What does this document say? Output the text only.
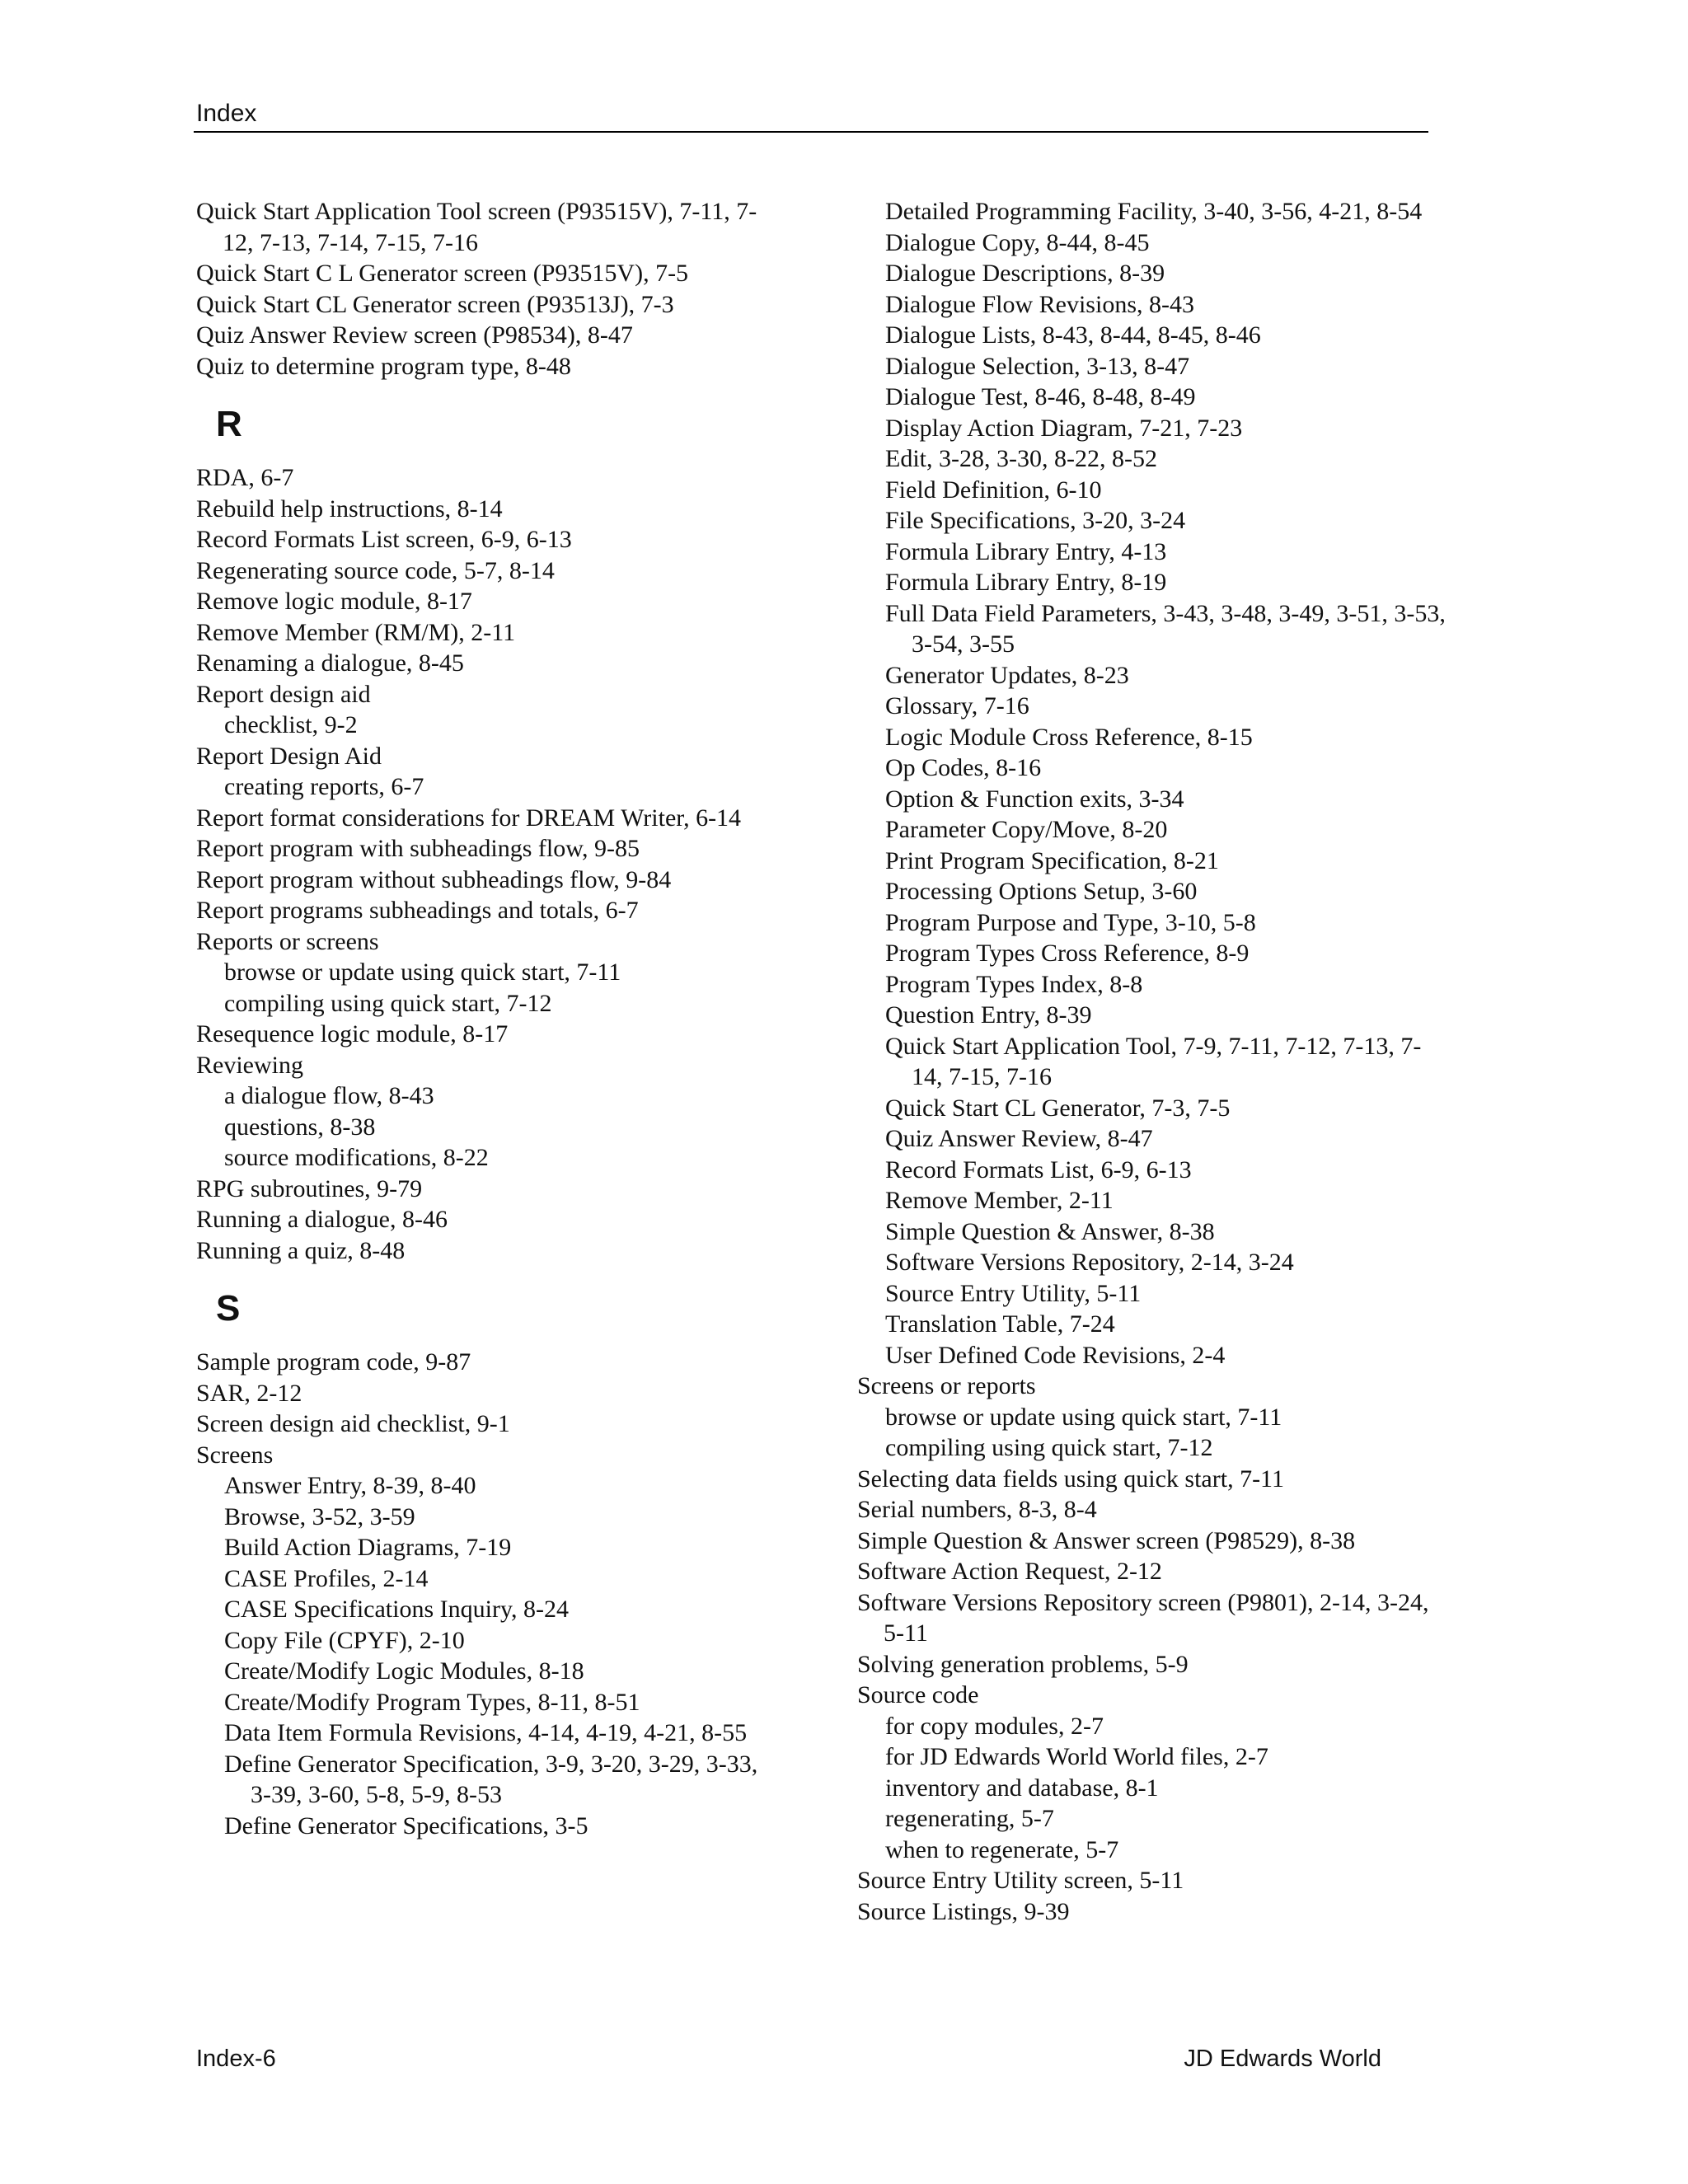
Index

Quick Start Application Tool screen (P93515V), 7-11, 7-12, 7-13, 7-14, 7-15, 7-16

Quick Start C L Generator screen (P93515V), 7-5

Quick Start CL Generator screen (P93513J), 7-3

Quiz Answer Review screen (P98534), 8-47

Quiz to determine program type, 8-48

R

RDA, 6-7

Rebuild help instructions, 8-14

Record Formats List screen, 6-9, 6-13

Regenerating source code, 5-7, 8-14

Remove logic module, 8-17

Remove Member (RM/M), 2-11

Renaming a dialogue, 8-45

Report design aid

checklist, 9-2

Report Design Aid

creating reports, 6-7

Report format considerations for DREAM Writer, 6-14

Report program with subheadings flow, 9-85

Report program without subheadings flow, 9-84

Report programs subheadings and totals, 6-7

Reports or screens

browse or update using quick start, 7-11

compiling using quick start, 7-12

Resequence logic module, 8-17

Reviewing

a dialogue flow, 8-43

questions, 8-38

source modifications, 8-22

RPG subroutines, 9-79

Running a dialogue, 8-46

Running a quiz, 8-48

S

Sample program code, 9-87

SAR, 2-12

Screen design aid checklist, 9-1

Screens

Answer Entry, 8-39, 8-40

Browse, 3-52, 3-59

Build Action Diagrams, 7-19

CASE Profiles, 2-14

CASE Specifications Inquiry, 8-24

Copy File (CPYF), 2-10

Create/Modify Logic Modules, 8-18

Create/Modify Program Types, 8-11, 8-51

Data Item Formula Revisions, 4-14, 4-19, 4-21, 8-55

Define Generator Specification, 3-9, 3-20, 3-29, 3-33, 3-39, 3-60, 5-8, 5-9, 8-53

Define Generator Specifications, 3-5

Detailed Programming Facility, 3-40, 3-56, 4-21, 8-54

Dialogue Copy, 8-44, 8-45

Dialogue Descriptions, 8-39

Dialogue Flow Revisions, 8-43

Dialogue Lists, 8-43, 8-44, 8-45, 8-46

Dialogue Selection, 3-13, 8-47

Dialogue Test, 8-46, 8-48, 8-49

Display Action Diagram, 7-21, 7-23

Edit, 3-28, 3-30, 8-22, 8-52

Field Definition, 6-10

File Specifications, 3-20, 3-24

Formula Library Entry, 4-13

Formula Library Entry, 8-19

Full Data Field Parameters, 3-43, 3-48, 3-49, 3-51, 3-53, 3-54, 3-55

Generator Updates, 8-23

Glossary, 7-16

Logic Module Cross Reference, 8-15

Op Codes, 8-16

Option & Function exits, 3-34

Parameter Copy/Move, 8-20

Print Program Specification, 8-21

Processing Options Setup, 3-60

Program Purpose and Type, 3-10, 5-8

Program Types Cross Reference, 8-9

Program Types Index, 8-8

Question Entry, 8-39

Quick Start Application Tool, 7-9, 7-11, 7-12, 7-13, 7-14, 7-15, 7-16

Quick Start CL Generator, 7-3, 7-5

Quiz Answer Review, 8-47

Record Formats List, 6-9, 6-13

Remove Member, 2-11

Simple Question & Answer, 8-38

Software Versions Repository, 2-14, 3-24

Source Entry Utility, 5-11

Translation Table, 7-24

User Defined Code Revisions, 2-4

Screens or reports

browse or update using quick start, 7-11

compiling using quick start, 7-12

Selecting data fields using quick start, 7-11

Serial numbers, 8-3, 8-4

Simple Question & Answer screen (P98529), 8-38

Software Action Request, 2-12

Software Versions Repository screen (P9801), 2-14, 3-24, 5-11

Solving generation problems, 5-9

Source code

for copy modules, 2-7

for JD Edwards World World files, 2-7

inventory and database, 8-1

regenerating, 5-7

when to regenerate, 5-7

Source Entry Utility screen, 5-11

Source Listings, 9-39

Index-6	JD Edwards World
